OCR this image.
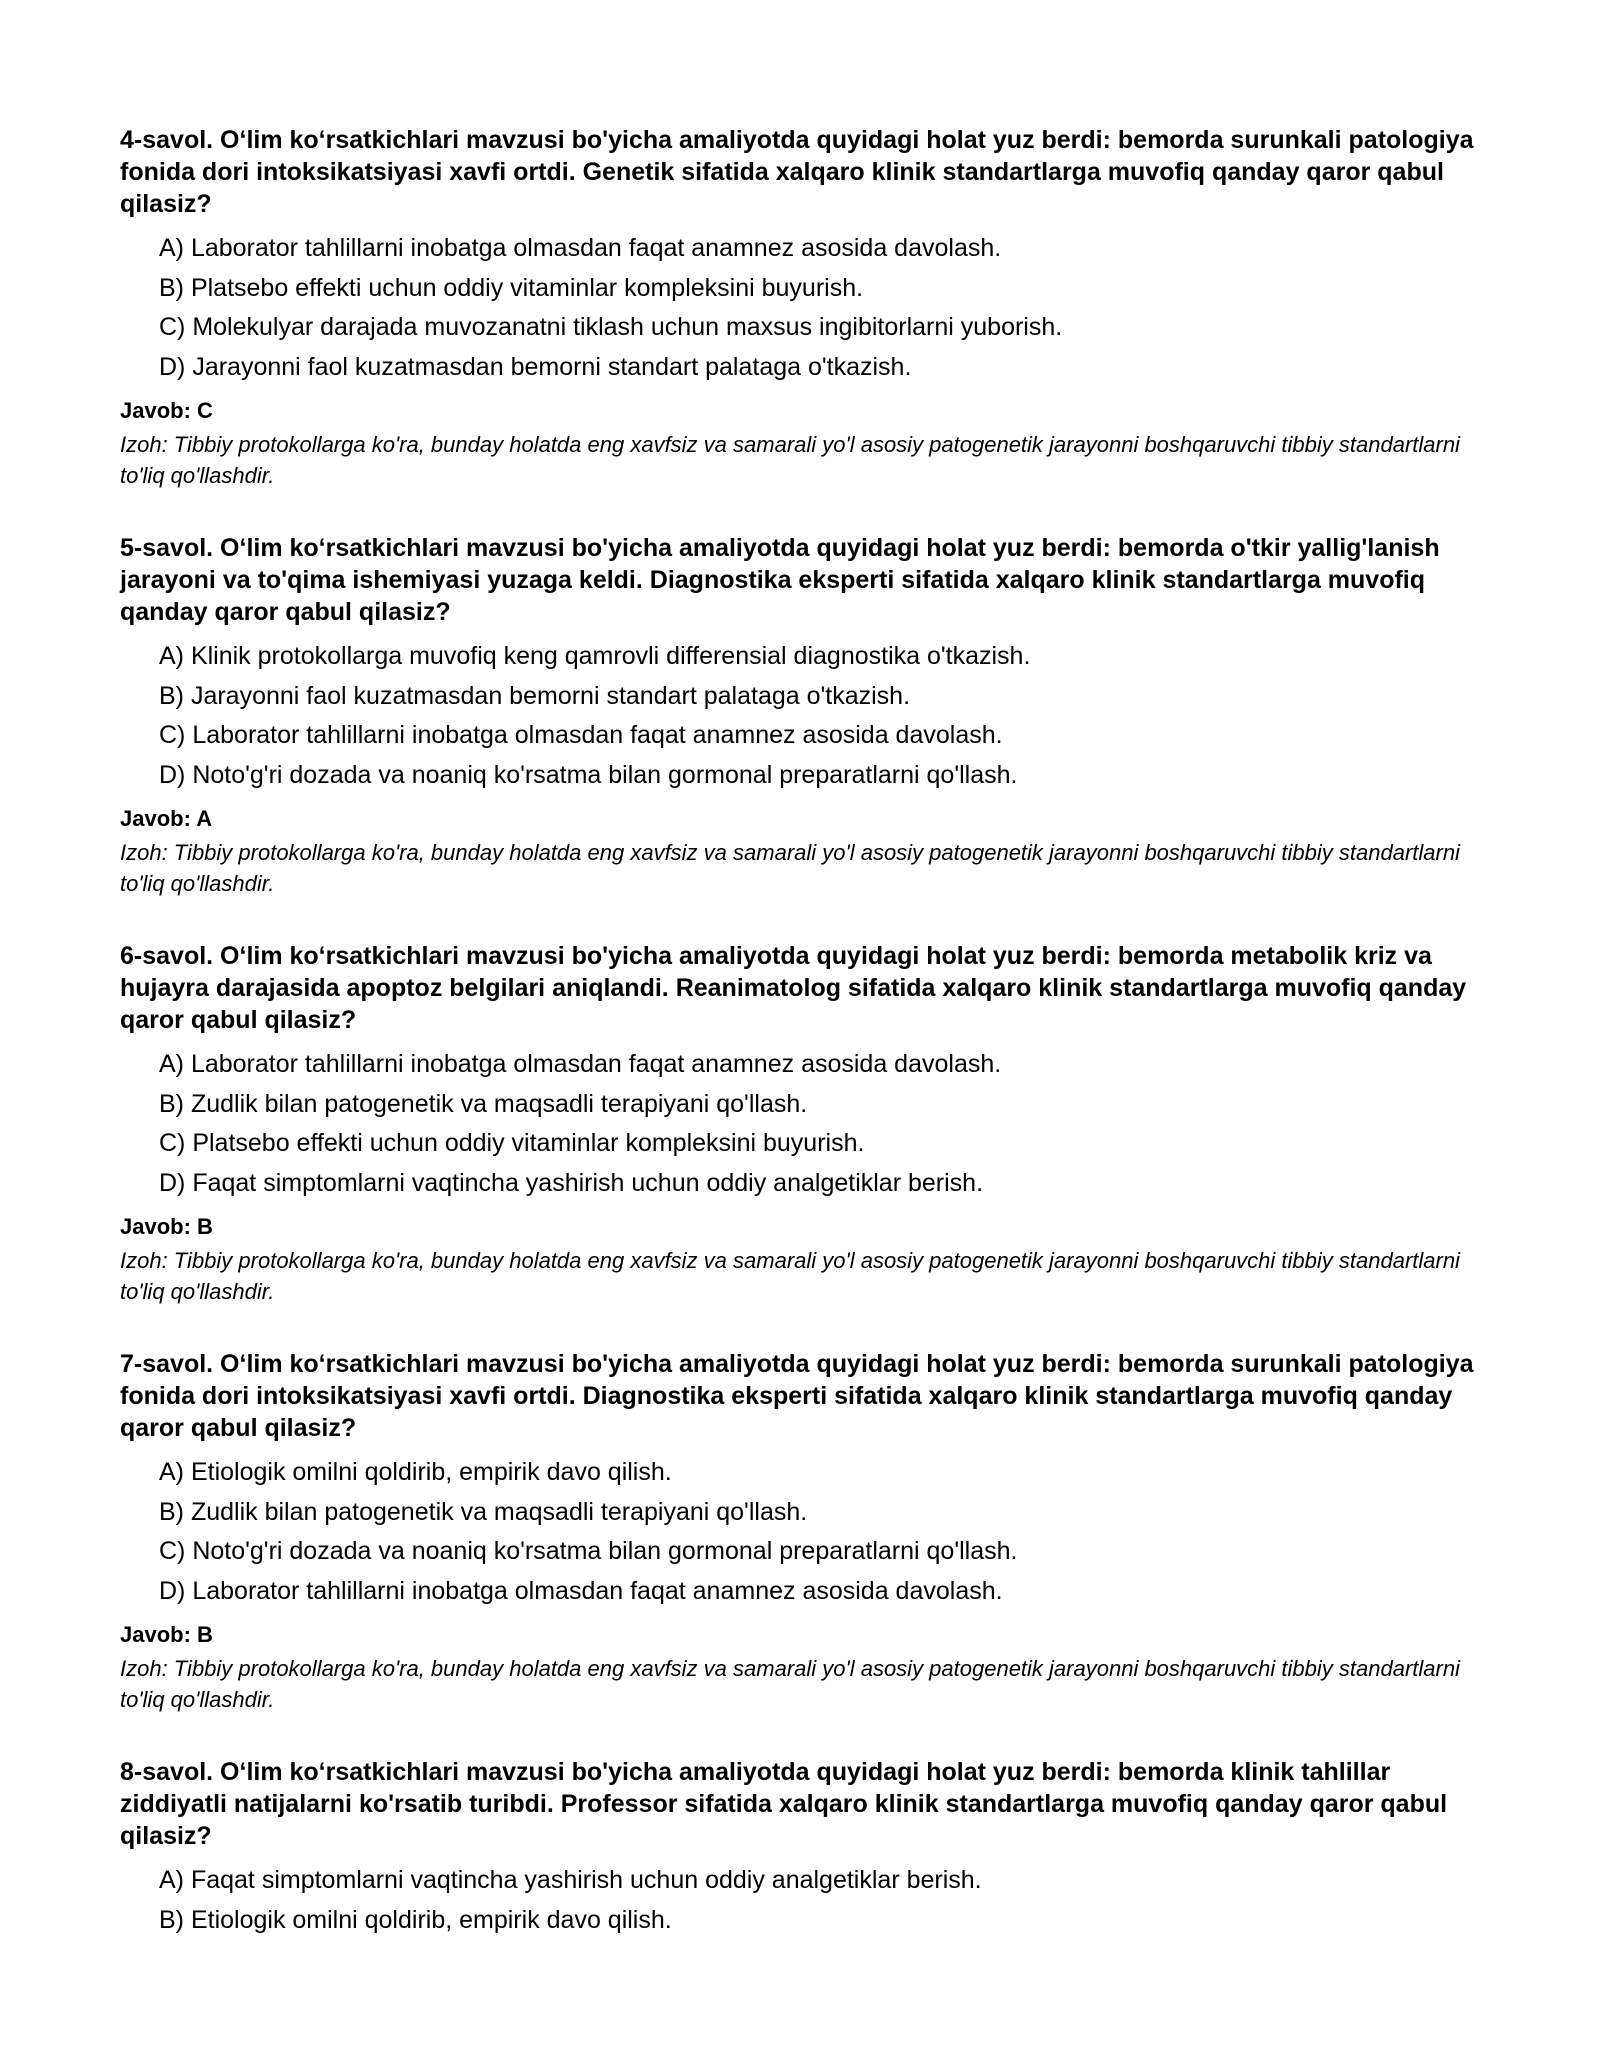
4-savol. O‘lim ko‘rsatkichlari mavzusi bo'yicha amaliyotda quyidagi holat yuz berdi: bemorda surunkali patologiya fonida dori intoksikatsiyasi xavfi ortdi. Genetik sifatida xalqaro klinik standartlarga muvofiq qanday qaror qabul qilasiz?

A) Laborator tahlillarni inobatga olmasdan faqat anamnez asosida davolash.
B) Platsebo effekti uchun oddiy vitaminlar kompleksini buyurish.
C) Molekulyar darajada muvozanatni tiklash uchun maxsus ingibitorlarni yuborish.
D) Jarayonni faol kuzatmasdan bemorni standart palataga o'tkazish.

Javob: C

Izoh: Tibbiy protokollarga ko'ra, bunday holatda eng xavfsiz va samarali yo'l asosiy patogenetik jarayonni boshqaruvchi tibbiy standartlarni to'liq qo'llashdir.

5-savol. O‘lim ko‘rsatkichlari mavzusi bo'yicha amaliyotda quyidagi holat yuz berdi: bemorda o'tkir yallig'lanish jarayoni va to'qima ishemiyasi yuzaga keldi. Diagnostika eksperti sifatida xalqaro klinik standartlarga muvofiq qanday qaror qabul qilasiz?

A) Klinik protokollarga muvofiq keng qamrovli differensial diagnostika o'tkazish.
B) Jarayonni faol kuzatmasdan bemorni standart palataga o'tkazish.
C) Laborator tahlillarni inobatga olmasdan faqat anamnez asosida davolash.
D) Noto'g'ri dozada va noaniq ko'rsatma bilan gormonal preparatlarni qo'llash.

Javob: A

Izoh: Tibbiy protokollarga ko'ra, bunday holatda eng xavfsiz va samarali yo'l asosiy patogenetik jarayonni boshqaruvchi tibbiy standartlarni to'liq qo'llashdir.

6-savol. O‘lim ko‘rsatkichlari mavzusi bo'yicha amaliyotda quyidagi holat yuz berdi: bemorda metabolik kriz va hujayra darajasida apoptoz belgilari aniqlandi. Reanimatolog sifatida xalqaro klinik standartlarga muvofiq qanday qaror qabul qilasiz?

A) Laborator tahlillarni inobatga olmasdan faqat anamnez asosida davolash.
B) Zudlik bilan patogenetik va maqsadli terapiyani qo'llash.
C) Platsebo effekti uchun oddiy vitaminlar kompleksini buyurish.
D) Faqat simptomlarni vaqtincha yashirish uchun oddiy analgetiklar berish.

Javob: B

Izoh: Tibbiy protokollarga ko'ra, bunday holatda eng xavfsiz va samarali yo'l asosiy patogenetik jarayonni boshqaruvchi tibbiy standartlarni to'liq qo'llashdir.

7-savol. O‘lim ko‘rsatkichlari mavzusi bo'yicha amaliyotda quyidagi holat yuz berdi: bemorda surunkali patologiya fonida dori intoksikatsiyasi xavfi ortdi. Diagnostika eksperti sifatida xalqaro klinik standartlarga muvofiq qanday qaror qabul qilasiz?

A) Etiologik omilni qoldirib, empirik davo qilish.
B) Zudlik bilan patogenetik va maqsadli terapiyani qo'llash.
C) Noto'g'ri dozada va noaniq ko'rsatma bilan gormonal preparatlarni qo'llash.
D) Laborator tahlillarni inobatga olmasdan faqat anamnez asosida davolash.

Javob: B

Izoh: Tibbiy protokollarga ko'ra, bunday holatda eng xavfsiz va samarali yo'l asosiy patogenetik jarayonni boshqaruvchi tibbiy standartlarni to'liq qo'llashdir.

8-savol. O‘lim ko‘rsatkichlari mavzusi bo'yicha amaliyotda quyidagi holat yuz berdi: bemorda klinik tahlillar ziddiyatli natijalarni ko'rsatib turibdi. Professor sifatida xalqaro klinik standartlarga muvofiq qanday qaror qabul qilasiz?

A) Faqat simptomlarni vaqtincha yashirish uchun oddiy analgetiklar berish.
B) Etiologik omilni qoldirib, empirik davo qilish.
